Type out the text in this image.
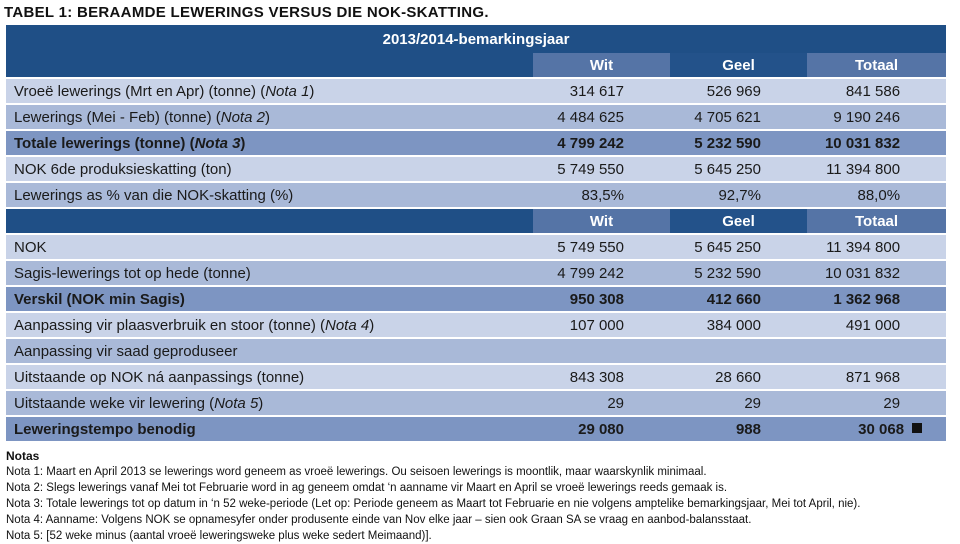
TABEL 1: BERAAMDE LEWERINGS VERSUS DIE NOK-SKATTING.
2013/2014-bemarkingsjaar			
	Wit	Geel	Totaal
Vroeë lewerings (Mrt en Apr) (tonne) (Nota 1)	314 617	526 969	841 586
Lewerings (Mei - Feb) (tonne) (Nota 2)	4 484 625	4 705 621	9 190 246
Totale lewerings (tonne) (Nota 3)	4 799 242	5 232 590	10 031 832
NOK 6de produksieskatting (ton)	5 749 550	5 645 250	11 394 800
Lewerings as % van die NOK-skatting (%)	83,5%	92,7%	88,0%
	Wit	Geel	Totaal
NOK	5 749 550	5 645 250	11 394 800
Sagis-lewerings tot op hede (tonne)	4 799 242	5 232 590	10 031 832
Verskil (NOK min Sagis)	950 308	412 660	1 362 968
Aanpassing vir plaasverbruik en stoor (tonne) (Nota 4)	107 000	384 000	491 000
Aanpassing vir saad geproduseer			
Uitstaande op NOK ná aanpassings (tonne)	843 308	28 660	871 968
Uitstaande weke vir lewering (Nota 5)	29	29	29
Leweringstempo benodig	29 080	988	30 068
Notas
Nota 1: Maart en April 2013 se lewerings word geneem as vroeë lewerings. Ou seisoen lewerings is moontlik, maar waarskynlik minimaal.
Nota 2: Slegs lewerings vanaf Mei tot Februarie word in ag geneem omdat ‘n aanname vir Maart en April se vroeë lewerings reeds gemaak is.
Nota 3: Totale lewerings tot op datum in ‘n 52 weke-periode (Let op: Periode geneem as Maart tot Februarie en nie volgens amptelike bemarkingsjaar, Mei tot April, nie).
Nota 4: Aanname: Volgens NOK se opnamesyfer onder produsente einde van Nov elke jaar – sien ook Graan SA se vraag en aanbod-balansstaat.
Nota 5: [52 weke minus (aantal vroeë leweringsweke plus weke sedert Meimaand)].
